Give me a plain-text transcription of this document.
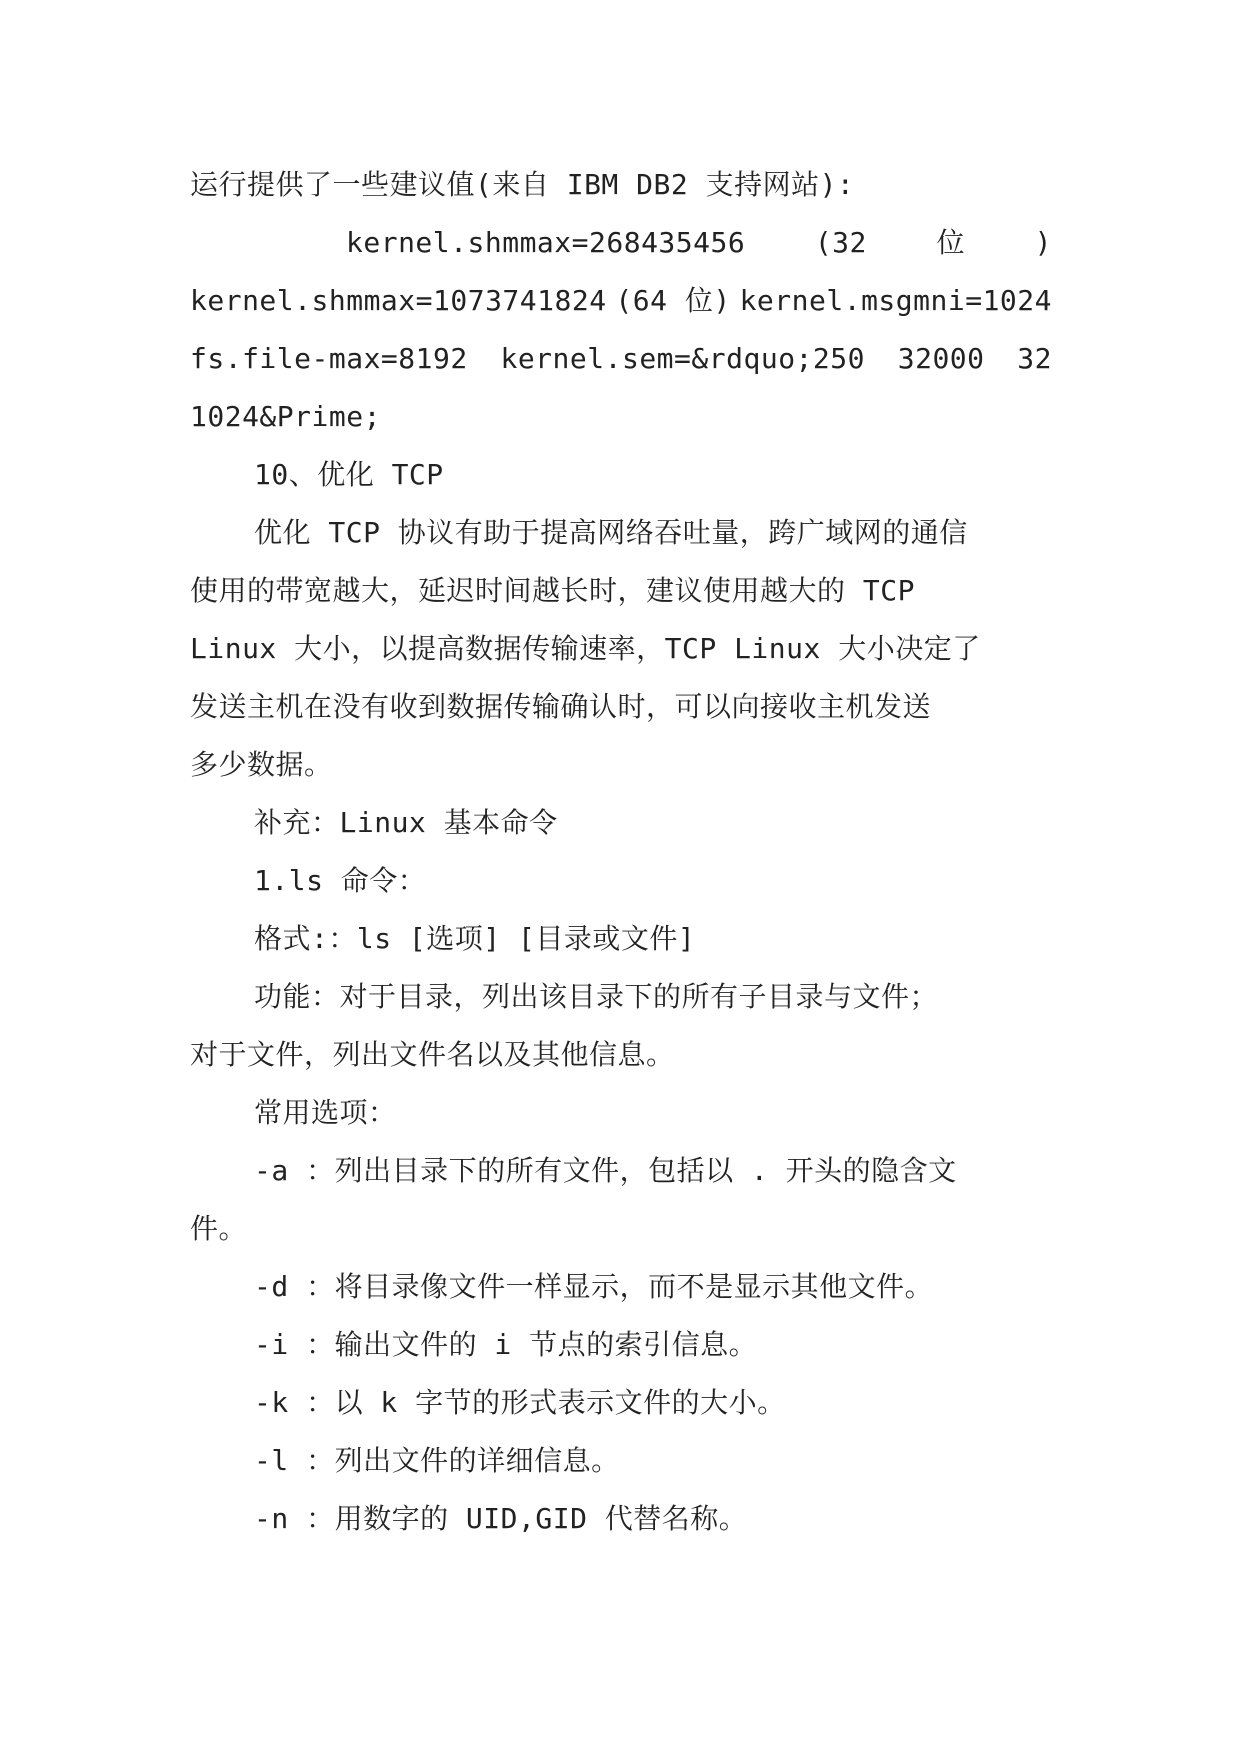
运行提供了一些建议值(来自 IBM DB2 支持网站):
kernel.shmmax=268435456 (32 位 )
kernel.shmmax=1073741824 (64 位) kernel.msgmni=1024
fs.file-max=8192 kernel.sem=&rdquo;250 32000 32
1024&Prime;
10、优化 TCP
优化 TCP 协议有助于提高网络吞吐量，跨广域网的通信
使用的带宽越大，延迟时间越长时，建议使用越大的 TCP
Linux 大小，以提高数据传输速率，TCP Linux 大小决定了
发送主机在没有收到数据传输确认时，可以向接收主机发送
多少数据。
补充：Linux 基本命令
1.ls 命令：
格式:：ls [选项] [目录或文件]
功能：对于目录，列出该目录下的所有子目录与文件；
对于文件，列出文件名以及其他信息。
常用选项：
-a ：列出目录下的所有文件，包括以 . 开头的隐含文
件。
-d ：将目录像文件一样显示，而不是显示其他文件。
-i ：输出文件的 i 节点的索引信息。
-k ：以 k 字节的形式表示文件的大小。
-l ：列出文件的详细信息。
-n ：用数字的 UID,GID 代替名称。
